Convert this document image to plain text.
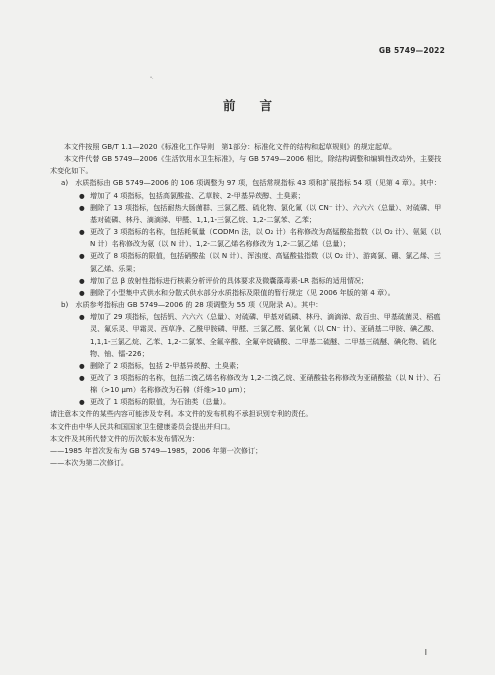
GB 5749—2022
ᵃ·
前言

本文件按照 GB/T 1.1—2020《标准化工作导则　第1部分：标准化文件的结构和起草规则》的规定起草。

本文件代替 GB 5749—2006《生活饮用水卫生标准》，与 GB 5749—2006 相比，除结构调整和编辑性改动外，主要技术变化如下。

a)　水质指标由 GB 5749—2006 的 106 项调整为 97 项，包括常规指标 43 项和扩展指标 54 项（见第 4 章）。其中：

● 增加了 4 项指标，包括高氯酸盐、乙草胺、2-甲基异莰醇、土臭素；

● 删除了 13 项指标，包括耐热大肠菌群、三氯乙醛、硫化物、氯化氰（以 CN⁻ 计）、六六六（总量）、对硫磷、甲基对硫磷、林丹、滴滴涕、甲醛、1,1,1-三氯乙烷、1,2-二氯苯、乙苯；

● 更改了 3 项指标的名称，包括耗氧量（CODMn 法，以 O₂ 计）名称修改为高锰酸盐指数（以 O₂ 计）、氨氮（以 N 计）名称修改为氨（以 N 计）、1,2-二氯乙烯名称修改为 1,2-二氯乙烯（总量）；

● 更改了 8 项指标的限值，包括硝酸盐（以 N 计）、浑浊度、高锰酸盐指数（以 O₂ 计）、游离氯、硼、氯乙烯、三氯乙烯、乐果；

● 增加了总 β 放射性指标进行核素分析评价的具体要求及微囊藻毒素-LR 指标的适用情况；

● 删除了小型集中式供水和分散式供水部分水质指标及限值的暂行规定（见 2006 年版的第 4 章）。

b)　水质参考指标由 GB 5749—2006 的 28 项调整为 55 项（见附录 A）。其中：

● 增加了 29 项指标，包括钒、六六六（总量）、对硫磷、甲基对硫磷、林丹、滴滴涕、敌百虫、甲基硫菌灵、稻瘟灵、氟乐灵、甲霜灵、西草净、乙酰甲胺磷、甲醛、三氯乙醛、氯化氰（以 CN⁻ 计）、亚硝基二甲胺、碘乙酸、1,1,1-三氯乙烷、乙苯、1,2-二氯苯、全氟辛酸、全氟辛烷磺酸、二甲基二硫醚、二甲基三硫醚、碘化物、硫化物、铀、镭-226；

● 删除了 2 项指标，包括 2-甲基异莰醇、土臭素；

● 更改了 3 项指标的名称，包括二溴乙烯名称修改为 1,2-二溴乙烷、亚硝酸盐名称修改为亚硝酸盐（以 N 计）、石棉（>10 μm）名称修改为石棉（纤维>10 μm）；

● 更改了 1 项指标的限值，为石油类（总量）。

请注意本文件的某些内容可能涉及专利。本文件的发布机构不承担识别专利的责任。

本文件由中华人民共和国国家卫生健康委员会提出并归口。

本文件及其所代替文件的历次版本发布情况为：

——1985 年首次发布为 GB 5749—1985，2006 年第一次修订；

——本次为第二次修订。

I
